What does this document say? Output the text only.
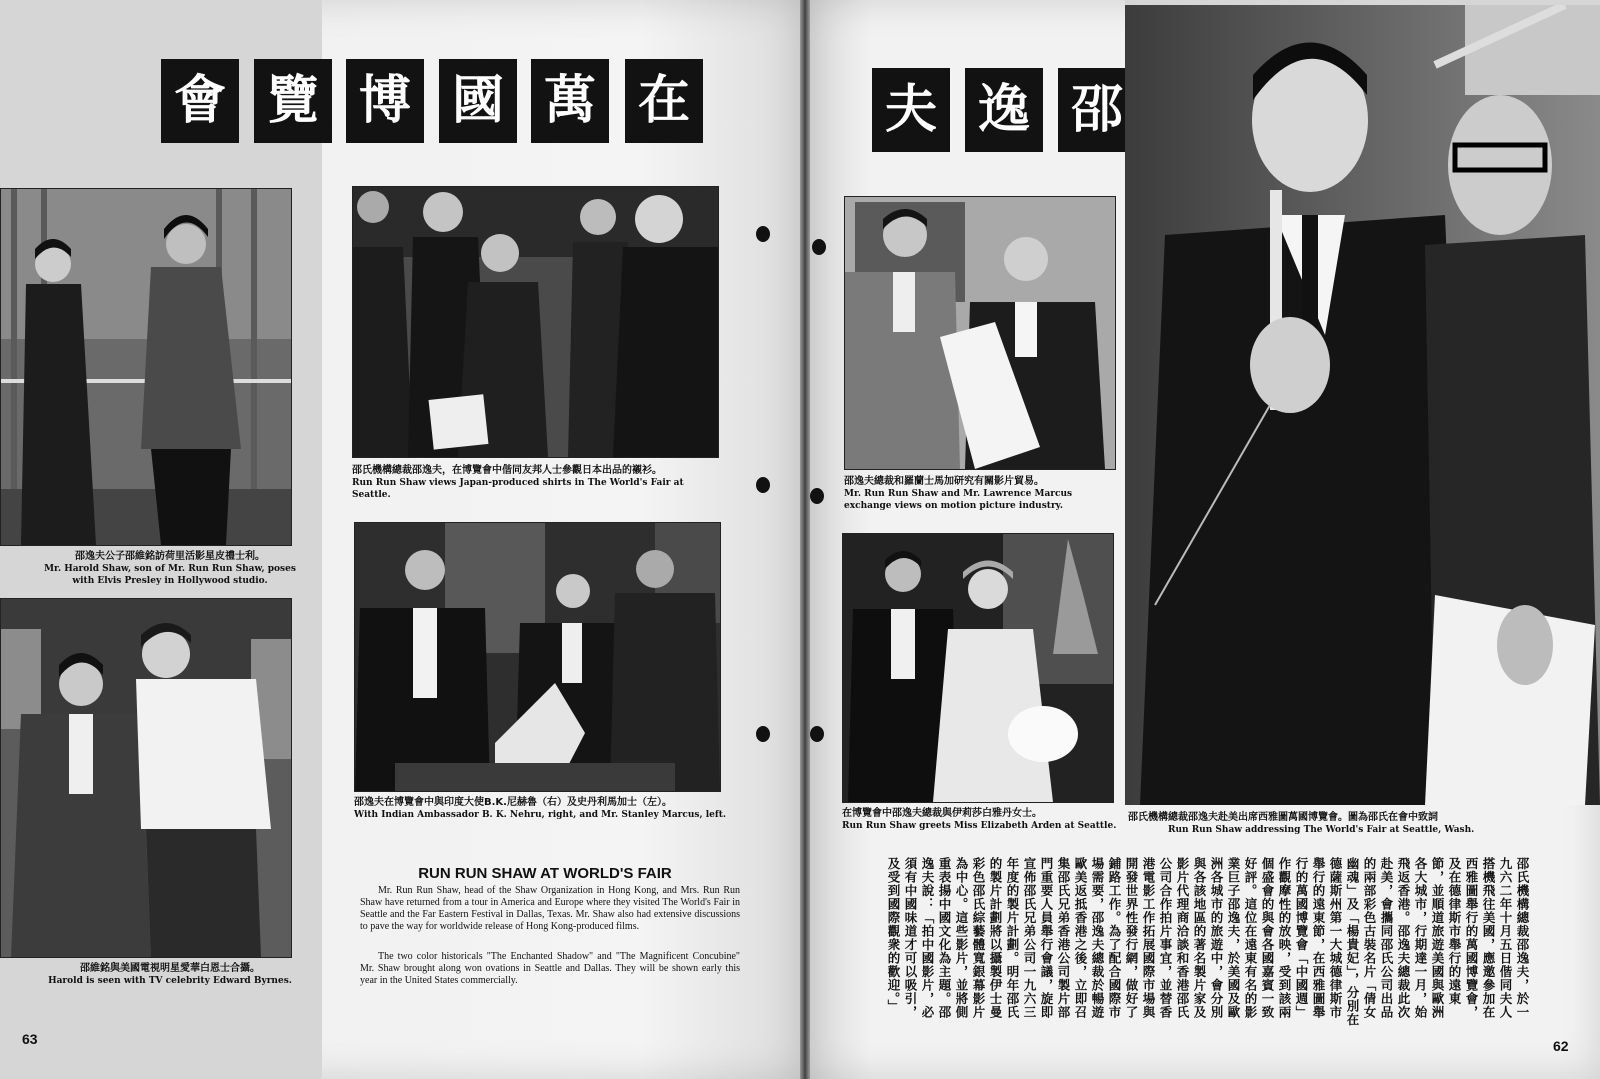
會 覽 博 國 萬 在	夫 逸 邵
邵逸夫公子邵維銘訪荷里活影星皮禮士利。
Mr. Harold Shaw, son of Mr. Run Run Shaw, poses with Elvis Presley in Hollywood studio.
邵維銘與美國電視明星愛華白恩士合攝。
Harold is seen with TV celebrity Edward Byrnes.
邵氏機構總裁邵逸夫，在博覽會中偕同友邦人士參觀日本出品的襯衫。
Run Run Shaw views Japan-produced shirts in The World's Fair at Seattle.
邵逸夫在博覽會中與印度大使B.K.尼赫魯（右）及史丹利馬加士（左）。
With Indian Ambassador B. K. Nehru, right, and Mr. Stanley Marcus, left.
RUN RUN SHAW AT WORLD'S FAIR

Mr. Run Run Shaw, head of the Shaw Organization in Hong Kong, and Mrs. Run Run Shaw have returned from a tour in America and Europe where they visited The World's Fair in Seattle and the Far Eastern Festival in Dallas, Texas. Mr. Shaw also had extensive discussions to pave the way for worldwide release of Hong Kong-produced films.

The two color historicals "The Enchanted Shadow" and "The Magnificent Concubine" Mr. Shaw brought along won ovations in Seattle and Dallas. They will be shown early this year in the United States commercially.

63
邵逸夫總裁和羅蘭士馬加研究有關影片貿易。
Mr. Run Run Shaw and Mr. Lawrence Marcus exchange views on motion picture industry.
在博覽會中邵逸夫總裁與伊莉莎白雅丹女士。
Run Run Shaw greets Miss Elizabeth Arden at Seattle.
邵氏機構總裁邵逸夫赴美出席西雅圖萬國博覽會。圖為邵氏在會中致詞
Run Run Shaw addressing The World's Fair at Seattle, Wash.
邵氏機構總裁邵逸夫，於一九六二年十月五日偕同夫人搭機飛往美國，應邀參加在西雅圖舉行的萬國博覽會，及在德律斯市舉行的遠東節，並順道旅遊美國與歐洲各大城市，行期達一月，始飛返香港。邵逸夫總裁此次赴美，會攜同邵氏公司出品的兩部彩色古裝名片「倩女幽魂」及「楊貴妃」，分別在德薩斯州第一大城德律斯市舉行的遠東節，在西雅圖舉行的萬國博覽會「中國週」作觀摩性的放映，受到該兩個盛會的與會各國嘉賓一致好評。這位在遠東有名的影業巨子邵逸夫，於美國及歐洲各城市的旅遊中，會分別與各該地區的著名製片家及影片代理商洽談和香港邵氏公司合作拍片事宜，並替香港電影工作拓展國際市場與開發世界性發行網，做好了鋪路工作。為了配合國際市場需要，邵逸夫總裁於暢遊歐美返抵香港之後，立即召集邵氏兄弟香港公司製片部門重要人員舉行會議，旋即宣佈邵氏兄弟公司一九六三年度的製片計劃。明年邵氏的製片計劃將以攝製伊士曼彩色邵氏綜藝體寬銀幕影片為中心。這些影片，並將側重表揚中國文化為主題。邵逸夫說：「拍中國影片，必須有中國味道才可以吸引，及受到國際觀衆的歡迎。」
62
